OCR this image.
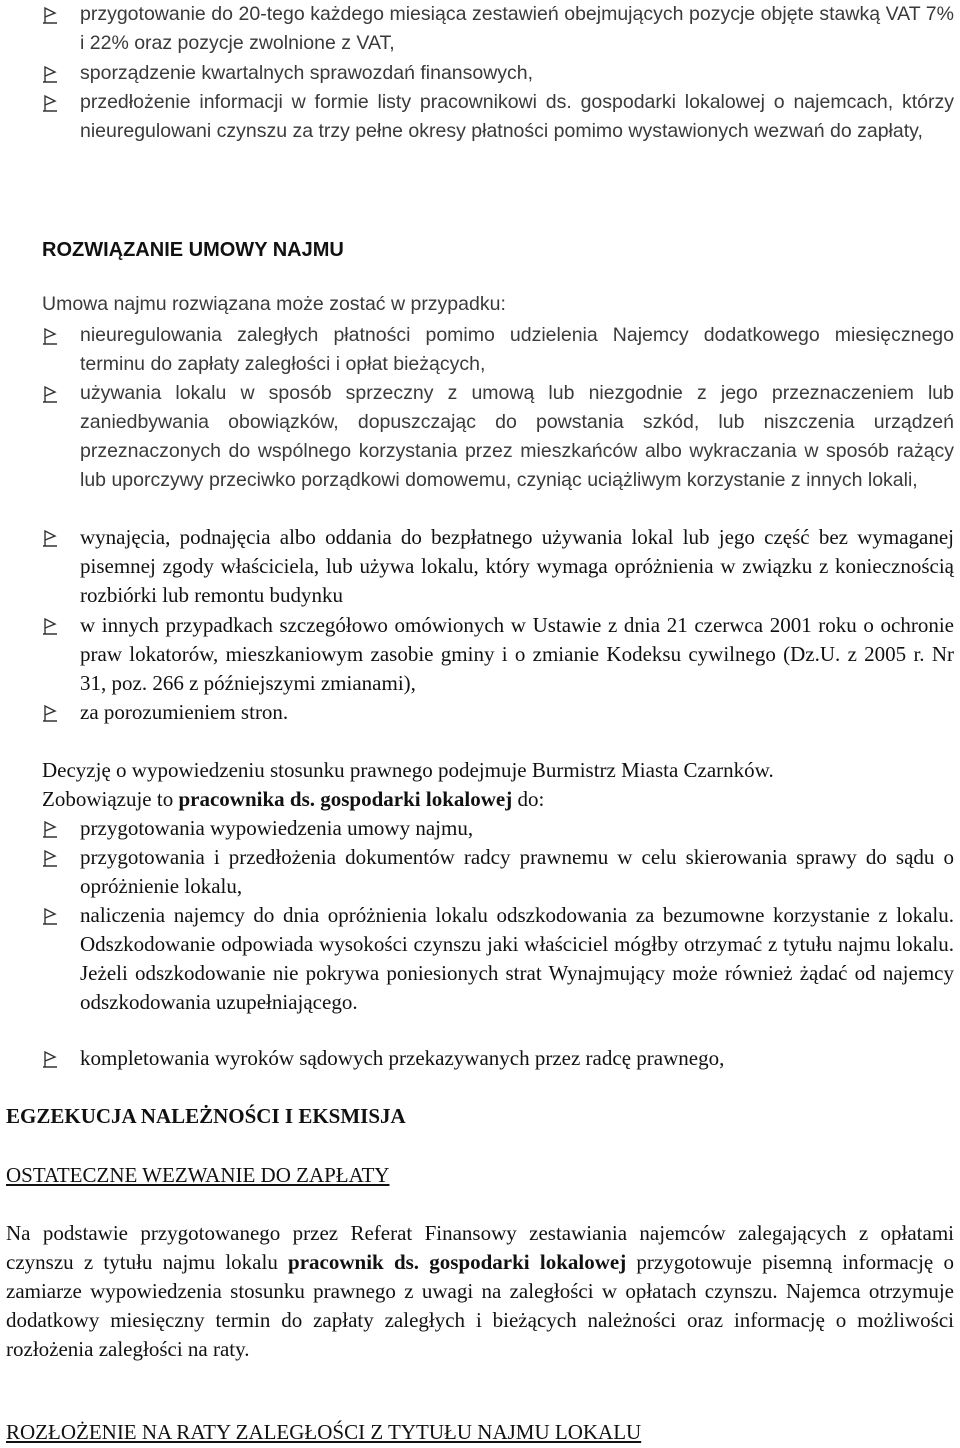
przygotowanie do 20-tego każdego miesiąca zestawień obejmujących pozycje objęte stawką VAT 7% i 22% oraz pozycje zwolnione z VAT,
sporządzenie kwartalnych sprawozdań finansowych,
przedłożenie informacji w formie listy pracownikowi ds. gospodarki lokalowej o najemcach, którzy nieuregulowani czynszu za trzy pełne okresy płatności pomimo wystawionych wezwań do zapłaty,
ROZWIĄZANIE UMOWY NAJMU
Umowa najmu rozwiązana może zostać w przypadku:
nieuregulowania zaległych płatności pomimo udzielenia Najemcy dodatkowego miesięcznego terminu do zapłaty zaległości i opłat bieżących,
używania lokalu w sposób sprzeczny z umową lub niezgodnie z jego przeznaczeniem lub zaniedbywania obowiązków, dopuszczając do powstania szkód, lub niszczenia urządzeń przeznaczonych do wspólnego korzystania przez mieszkańców albo wykraczania w sposób rażący lub uporczywy przeciwko porządkowi domowemu, czyniąc uciążliwym korzystanie z innych lokali,
wynajęcia, podnajęcia albo oddania do bezpłatnego używania lokal lub jego część bez wymaganej pisemnej zgody właściciela, lub używa lokalu, który wymaga opróżnienia w związku z koniecznością rozbiórki lub remontu budynku
w innych przypadkach szczegółowo omówionych w Ustawie z dnia 21 czerwca 2001 roku o ochronie praw lokatorów, mieszkaniowym zasobie gminy i o zmianie Kodeksu cywilnego (Dz.U. z 2005 r. Nr 31, poz. 266 z późniejszymi zmianami),
za porozumieniem stron.
Decyzję o wypowiedzeniu stosunku prawnego podejmuje Burmistrz Miasta Czarnków.
Zobowiązuje to pracownika ds. gospodarki lokalowej do:
przygotowania wypowiedzenia umowy najmu,
przygotowania i przedłożenia dokumentów radcy prawnemu w celu skierowania sprawy do sądu o opróżnienie lokalu,
naliczenia najemcy do dnia opróżnienia lokalu odszkodowania za bezumowne korzystanie z lokalu. Odszkodowanie odpowiada wysokości czynszu jaki właściciel mógłby otrzymać z tytułu najmu lokalu. Jeżeli odszkodowanie nie pokrywa poniesionych strat Wynajmujący może również żądać od najemcy odszkodowania uzupełniającego.
kompletowania wyroków sądowych przekazywanych przez radcę prawnego,
EGZEKUCJA NALEŻNOŚCI I EKSMISJA
OSTATECZNE WEZWANIE DO ZAPŁATY
Na podstawie przygotowanego przez Referat Finansowy zestawiania najemców zalegających z opłatami czynszu z tytułu najmu lokalu pracownik ds. gospodarki lokalowej przygotowuje pisemną informację o zamiarze wypowiedzenia stosunku prawnego z uwagi na zaległości w opłatach czynszu. Najemca otrzymuje dodatkowy miesięczny termin do zapłaty zaległych i bieżących należności oraz informację o możliwości rozłożenia zaległości na raty.
ROZŁOŻENIE NA RATY ZALEGŁOŚCI Z TYTUŁU NAJMU LOKALU
